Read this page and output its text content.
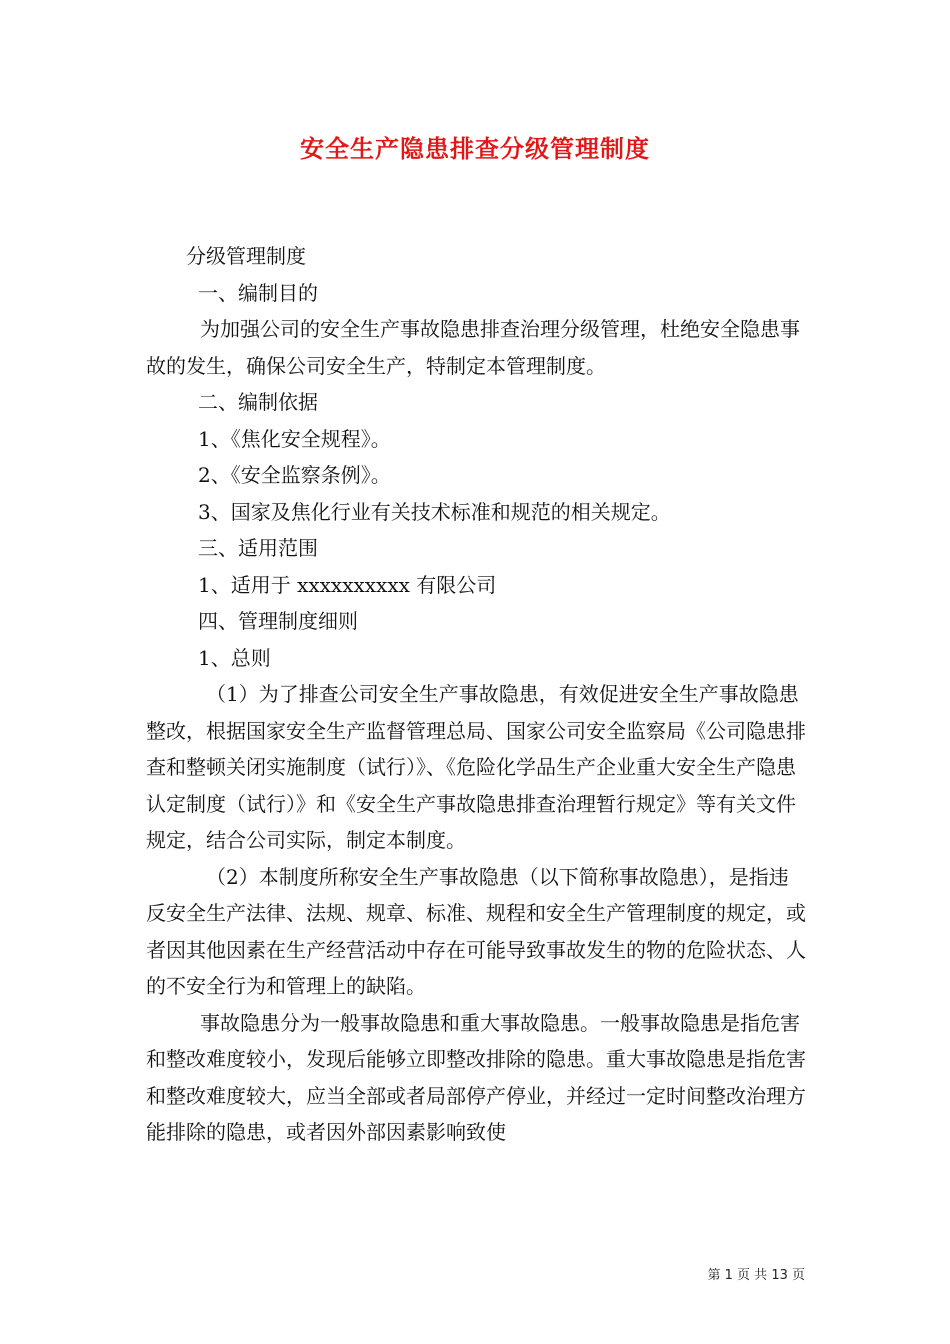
安全生产隐患排查分级管理制度

分级管理制度

一、编制目的

为加强公司的安全生产事故隐患排查治理分级管理，杜绝安全隐患事故的发生，确保公司安全生产，特制定本管理制度。

二、编制依据

1、《焦化安全规程》。

2、《安全监察条例》。

3、国家及焦化行业有关技术标准和规范的相关规定。

三、适用范围

1、适用于 xxxxxxxxxx 有限公司

四、管理制度细则

1、总则

（1）为了排查公司安全生产事故隐患，有效促进安全生产事故隐患整改，根据国家安全生产监督管理总局、国家公司安全监察局《公司隐患排查和整顿关闭实施制度（试行）》、《危险化学品生产企业重大安全生产隐患认定制度（试行）》和《安全生产事故隐患排查治理暂行规定》等有关文件规定，结合公司实际，制定本制度。

（2）本制度所称安全生产事故隐患（以下简称事故隐患），是指违反安全生产法律、法规、规章、标准、规程和安全生产管理制度的规定，或者因其他因素在生产经营活动中存在可能导致事故发生的物的危险状态、人的不安全行为和管理上的缺陷。

事故隐患分为一般事故隐患和重大事故隐患。一般事故隐患是指危害和整改难度较小，发现后能够立即整改排除的隐患。重大事故隐患是指危害和整改难度较大，应当全部或者局部停产停业，并经过一定时间整改治理方能排除的隐患，或者因外部因素影响致使

第 1 页 共 13 页
